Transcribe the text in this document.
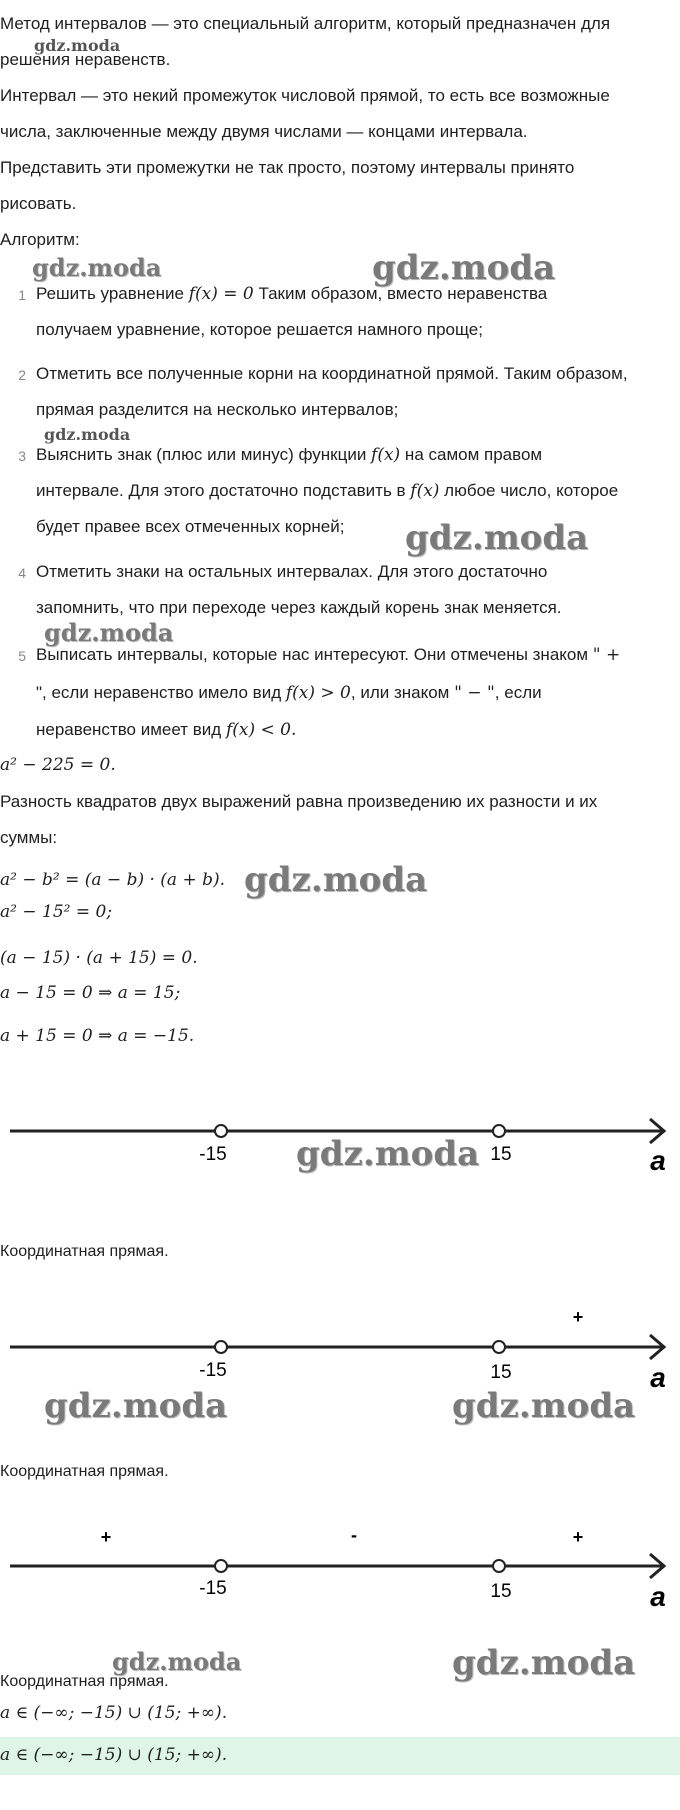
Метод интервалов — это специальный алгоритм, который предназначен для
решения неравенств.
Интервал — это некий промежуток числовой прямой, то есть все возможные
числа, заключенные между двумя числами — концами интервала.
Представить эти промежутки не так просто, поэтому интервалы принято
рисовать.
Алгоритм:
1 Решить уравнение f(x) = 0 Таким образом, вместо неравенства
получаем уравнение, которое решается намного проще;
2 Отметить все полученные корни на координатной прямой. Таким образом,
прямая разделится на несколько интервалов;
3 Выяснить знак (плюс или минус) функции f(x) на самом правом
интервале. Для этого достаточно подставить в f(x) любое число, которое
будет правее всех отмеченных корней;
4 Отметить знаки на остальных интервалах. Для этого достаточно
запомнить, что при переходе через каждый корень знак меняется.
5 Выписать интервалы, которые нас интересуют. Они отмечены знаком " +
", если неравенство имело вид f(x) > 0, или знаком " − ", если
неравенство имеет вид f(x) < 0.
a² − 225 = 0.
Разность квадратов двух выражений равна произведению их разности и их
суммы:
a² − b² = (a − b) · (a + b).
a² − 15² = 0;
(a − 15) · (a + 15) = 0.
a − 15 = 0 ⇒ a = 15;
a + 15 = 0 ⇒ a = −15.
-15	15	a
Координатная прямая.
+
-15	15	a
Координатная прямая.
+	-	+
-15	15	a
Координатная прямая.
a ∈ (−∞; −15) ∪ (15; +∞).
a ∈ (−∞; −15) ∪ (15; +∞).
gdz.moda
gdz.moda	gdz.moda
gdz.moda
gdz.moda
gdz.moda
gdz.moda
gdz.moda
gdz.moda	gdz.moda
gdz.moda	gdz.moda
